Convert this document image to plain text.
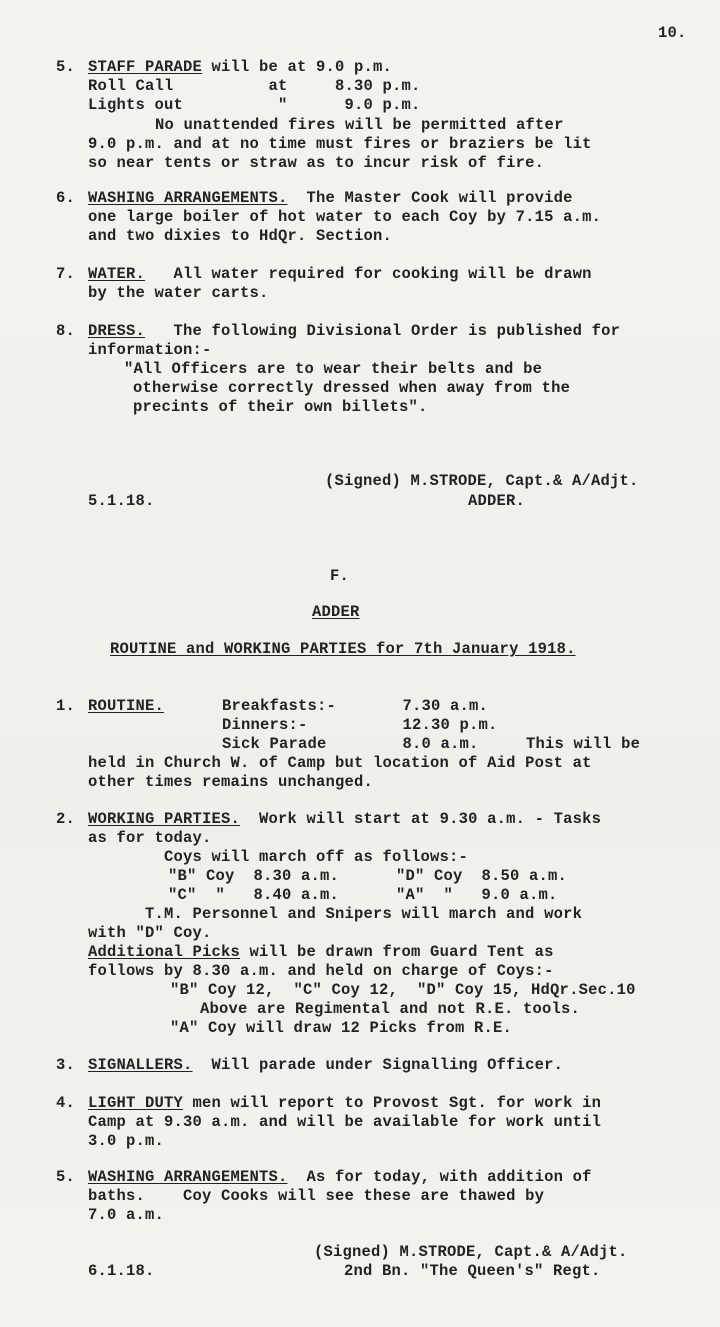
10.
5. STAFF PARADE will be at 9.0 p.m.
Roll Call          at     8.30 p.m.
Lights out          "      9.0 p.m.
No unattended fires will be permitted after
9.0 p.m. and at no time must fires or braziers be lit
so near tents or straw as to incur risk of fire.
6. WASHING ARRANGEMENTS.  The Master Cook will provide
one large boiler of hot water to each Coy by 7.15 a.m.
and two dixies to HdQr. Section.
7. WATER.   All water required for cooking will be drawn
by the water carts.
8. DRESS.   The following Divisional Order is published for
information:-
"All Officers are to wear their belts and be
otherwise correctly dressed when away from the
precints of their own billets".
(Signed) M.STRODE, Capt.& A/Adjt.
5.1.18.	ADDER.
F.
ADDER
ROUTINE and WORKING PARTIES for 7th January 1918.
1. ROUTINE.	Breakfasts:-       7.30 a.m.
Dinners:-          12.30 p.m.
Sick Parade        8.0 a.m.     This will be
held in Church W. of Camp but location of Aid Post at
other times remains unchanged.
2. WORKING PARTIES.  Work will start at 9.30 a.m. - Tasks
as for today.
Coys will march off as follows:-
"B" Coy  8.30 a.m.      "D" Coy  8.50 a.m.
"C"  "   8.40 a.m.      "A"  "   9.0 a.m.
T.M. Personnel and Snipers will march and work
with "D" Coy.
Additional Picks will be drawn from Guard Tent as
follows by 8.30 a.m. and held on charge of Coys:-
"B" Coy 12,  "C" Coy 12,  "D" Coy 15, HdQr.Sec.10
Above are Regimental and not R.E. tools.
"A" Coy will draw 12 Picks from R.E.
3. SIGNALLERS.  Will parade under Signalling Officer.
4. LIGHT DUTY men will report to Provost Sgt. for work in
Camp at 9.30 a.m. and will be available for work until
3.0 p.m.
5. WASHING ARRANGEMENTS.  As for today, with addition of
baths.    Coy Cooks will see these are thawed by
7.0 a.m.
(Signed) M.STRODE, Capt.& A/Adjt.
6.1.18.	2nd Bn. "The Queen's" Regt.
